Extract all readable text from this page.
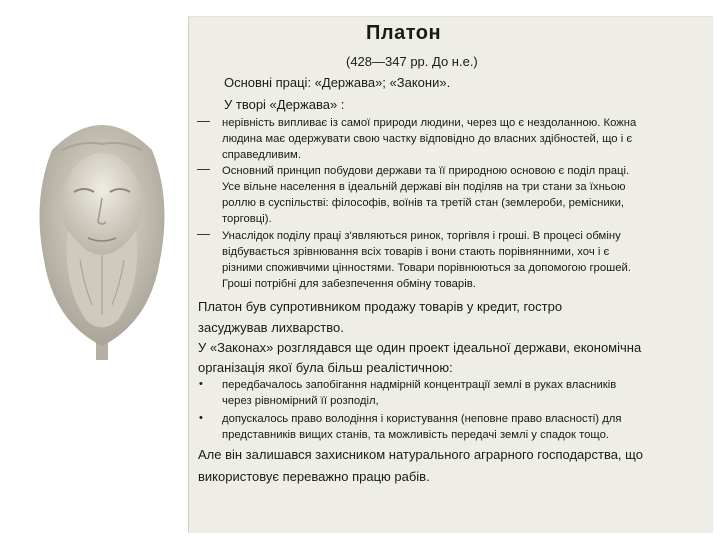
Платон
(428—347 рр. До н.е.)
Основні праці: «Держава»; «Закони».
У творі «Держава» :
— нерівність випливає із самої природи людини, через що є нездоланною. Кожна
людина має одержувати свою частку відповідно до власних здібностей, що і є
справедливим.
— Основний принцип побудови держави та її природною основою є поділ праці.
Усе вільне населення в ідеальній державі він поділяв на три стани за їхньою
роллю в суспільстві: філософів, воїнів та третій стан (землероби, ремісники,
торговці).
— Унаслідок поділу праці з'являються ринок, торгівля і гроші. В процесі обміну
відбувається зрівнювання всіх товарів і вони стають порівнянними, хоч і є
різними споживчими цінностями. Товари порівнюються за допомогою грошей.
Гроші потрібні для забезпечення обміну товарів.
Платон був супротивником продажу товарів у кредит, гостро
засуджував лихварство.
У «Законах» розглядався ще один проект ідеальної держави, економічна
організація якої була більш реалістичною:
• передбачалось запобігання надмірній концентрації землі в руках власників
через рівномірний її розподіл,
• допускалось право володіння і користування (неповне право власності) для
представників вищих станів, та можливість передачі землі у спадок тощо.
Але він залишався захисником натурального аграрного господарства, що
використовує переважно працю рабів.
